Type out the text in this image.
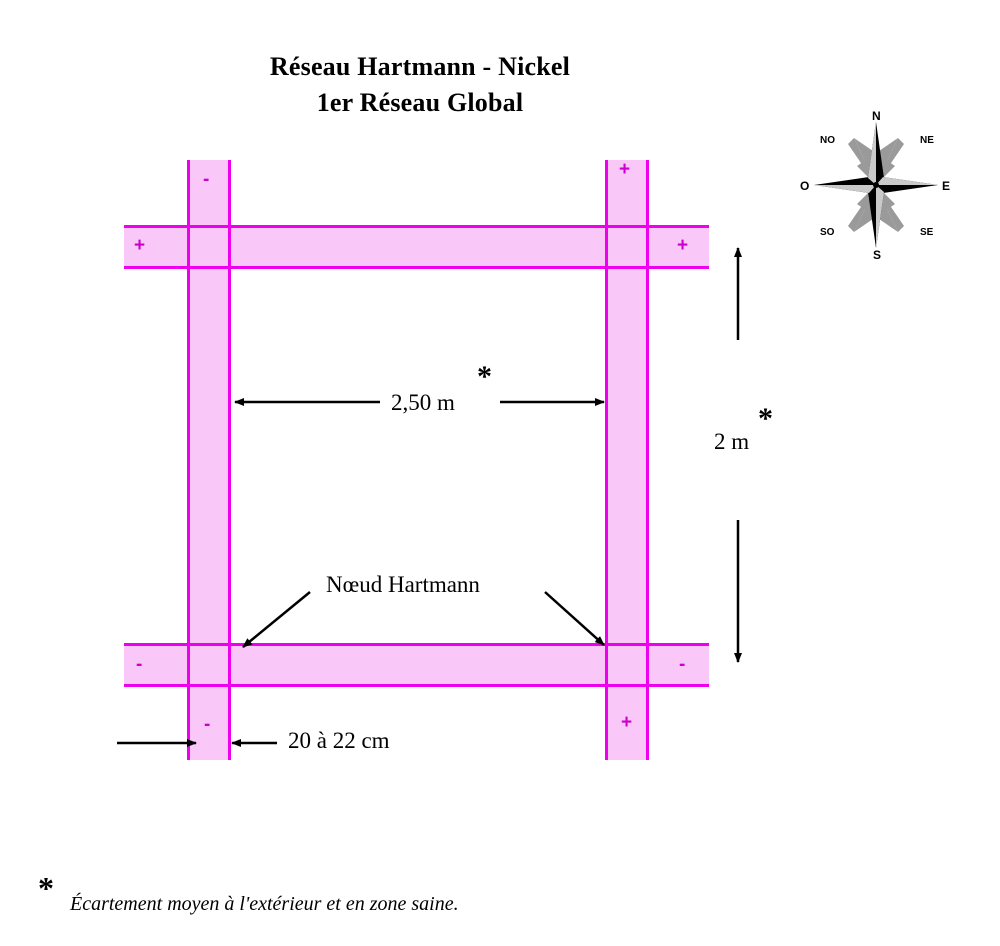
Réseau Hartmann - Nickel
1er Réseau Global
-	+
+	+
-	-
-	+
2,50 m
*
2 m
*
Nœud Hartmann
20 à 22 cm
* Écartement moyen à l'extérieur et en zone saine.
N
S
E
O
NO	NE
SO	SE
